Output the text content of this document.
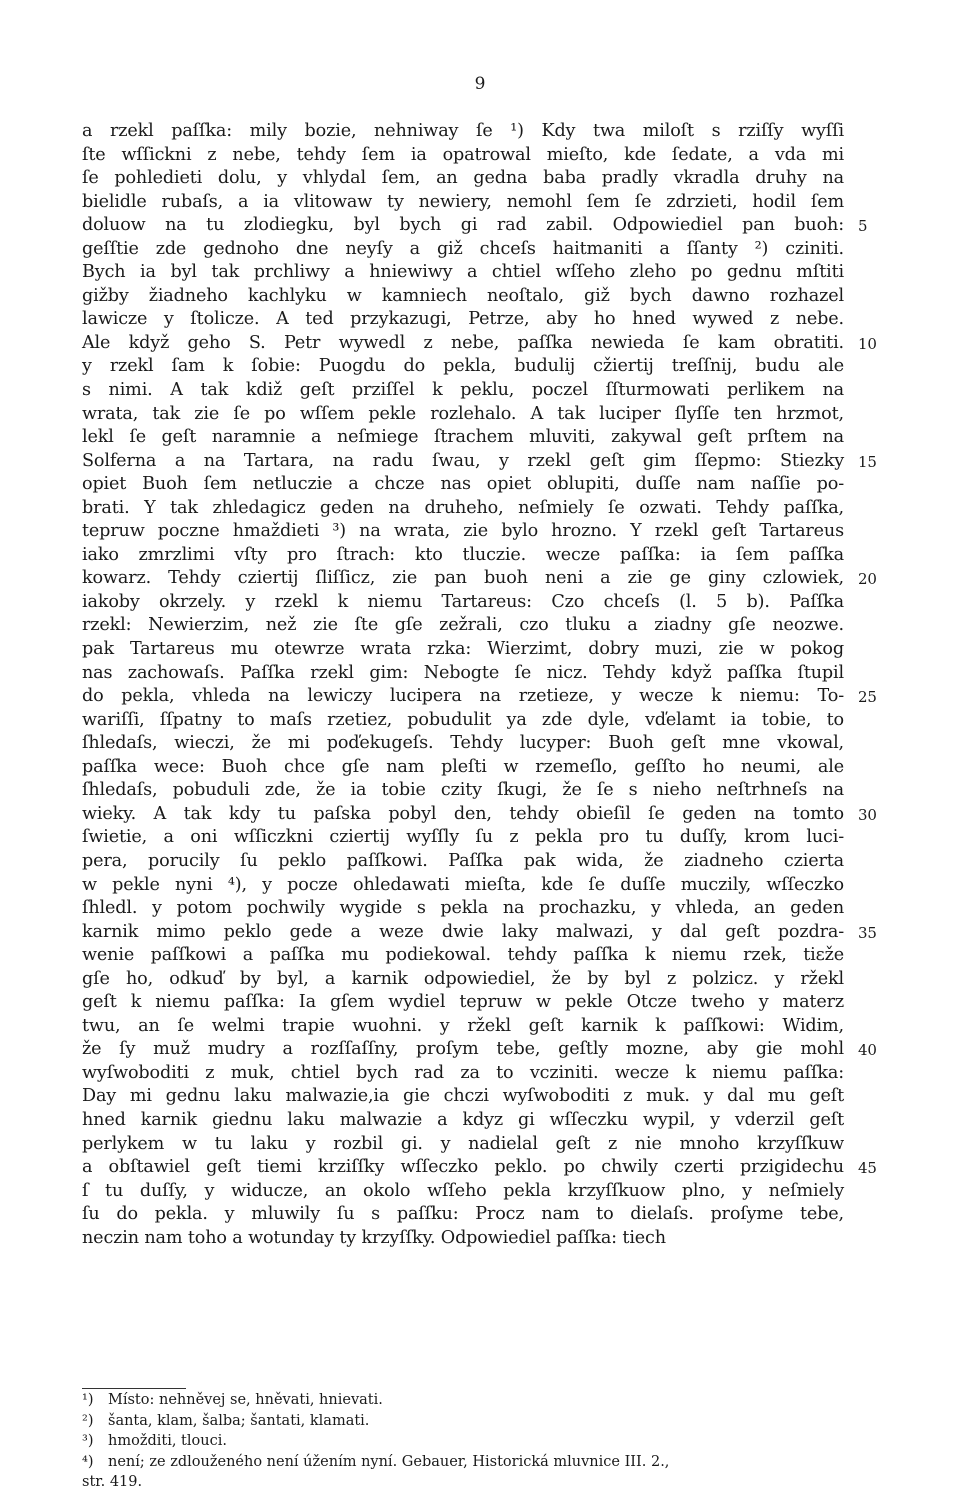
9
a rzekl paſſka: mily bozie, nehniway ſe ¹) Kdy twa miloſt s rziſſy wyſſi
ſte wſſickni z nebe, tehdy ſem ia opatrowal mieſto, kde ſedate, a vda mi
ſe pohledieti dolu, y vhlydal ſem, an gedna baba pradly vkradla druhy na
bielidle rubaſs, a ia vlitowaw ty newiery, nemohl ſem ſe zdrzieti, hodil ſem
doluow na tu zlodiegku, byl bych gi rad zabil. Odpowiediel pan buoh: 5
geſſtie zde gednoho dne neyſy a giž chceſs haitmaniti a ſſanty ²) cziniti.
Bych ia byl tak prchliwy a hniewiwy a chtiel wſſeho zleho po gednu mſtiti
gižby žiadneho kachlyku w kamniech neoſtalo, giž bych dawno rozhazel
lawicze y ſtolicze. A ted przykazugi, Petrze, aby ho hned wywed z nebe.
Ale když geho S. Petr wywedl z nebe, paſſka newieda ſe kam obratiti. 10
y rzekl ſam k ſobie: Puogdu do pekla, budulij cžiertij treſſnij, budu ale
s nimi. A tak kdiž geſt prziſſel k peklu, poczel ſſturmowati perlikem na
wrata, tak zie ſe po wſſem pekle rozlehalo. A tak luciper ſlyſſe ten hrzmot,
lekl ſe geſt naramnie a neſmiege ſtrachem mluviti, zakywal geſt prſtem na
Solferna a na Tartara, na radu ſwau, y rzekl geſt gim ſſepmo: Stiezky 15
opiet Buoh ſem netluczie a chcze nas opiet oblupiti, duſſe nam naſſie po-
brati. Y tak zhledagicz geden na druheho, neſmiely ſe ozwati. Tehdy paſſka,
tepruw poczne hmaždieti ³) na wrata, zie bylo hrozno. Y rzekl geſt Tartareus
iako zmrzlimi vſty pro ſtrach: kto tluczie. wecze paſſka: ia ſem paſſka
kowarz. Tehdy cziertij ſliſſicz, zie pan buoh neni a zie ge giny czlowiek, 20
iakoby okrzely. y rzekl k niemu Tartareus: Czo chceſs (l. 5 b). Paſſka
rzekl: Newierzim, než zie ſte gſe zežrali, czo tluku a ziadny gſe neozwe.
pak Tartareus mu otewrze wrata rzka: Wierzimt, dobry muzi, zie w pokog
nas zachowaſs. Paſſka rzekl gim: Nebogte ſe nicz. Tehdy když paſſka ſtupil
do pekla, vhleda na lewiczy lucipera na rzetieze, y wecze k niemu: To- 25
wariſſi, ſſpatny to maſs rzetiez, pobudulit ya zde dyle, vďelamt ia tobie, to
ſhledaſs, wieczi, že mi poďekugeſs. Tehdy lucyper: Buoh geſt mne vkowal,
paſſka wece: Buoh chce gſe nam pleſti w rzemeſlo, geſſto ho neumi, ale
ſhledaſs, pobuduli zde, že ia tobie czity ſkugi, že ſe s nieho neſtrhneſs na
wieky. A tak kdy tu paſska pobyl den, tehdy obieſil ſe geden na tomto 30
ſwietie, a oni wſſiczkni cziertij wyſſly ſu z pekla pro tu duſſy, krom luci-
pera, porucily ſu peklo paſſkowi. Paſſka pak wida, že ziadneho czierta
w pekle nyni ⁴), y pocze ohledawati mieſta, kde ſe duſſe muczily, wſſeczko
ſhledl. y potom pochwily wygide s pekla na prochazku, y vhleda, an geden
karnik mimo peklo gede a weze dwie laky malwazi, y dal geſt pozdra- 35
wenie paſſkowi a paſſka mu podiekowal. tehdy paſſka k niemu rzek, tiεže
gſe ho, odkuď by byl, a karnik odpowiediel, že by byl z polzicz. y ržekl
geſt k niemu paſſka: Ia gſem wydiel tepruw w pekle Otcze tweho y materz
twu, an ſe welmi trapie wuohni. y ržekl geſt karnik k paſſkowi: Widim,
že ſy muž mudry a rozſſaſſny, proſym tebe, geſtly mozne, aby gie mohl 40
wyſwoboditi z muk, chtiel bych rad za to vcziniti. wecze k niemu paſſka:
Day mi gednu laku malwazie,ia gie chczi wyſwoboditi z muk. y dal mu geſt
hned karnik giednu laku malwazie a kdyz gi wſſeczku wypil, y vderzil geſt
perlykem w tu laku y rozbil gi. y nadielal geſt z nie mnoho krzyſſkuw
a obſtawiel geſt tiemi krziſſky wſſeczko peklo. po chwily czerti przigidechu 45
ſ tu duſſy, y widucze, an okolo wſſeho pekla krzyſſkuow plno, y neſmiely
ſu do pekla. y mluwily ſu s paſſku: Procz nam to dielaſs. proſyme tebe,
neczin nam toho a wotunday ty krzyſſky. Odpowiediel paſſka: tiech
¹) Místo: nehněvej se, hněvati, hnievati.
²) šanta, klam, šalba; šantati, klamati.
³) hmožditi, tlouci.
⁴) není; ze zdlouženého není úžením nyní. Gebauer, Historická mluvnice III. 2.,
str. 419.
